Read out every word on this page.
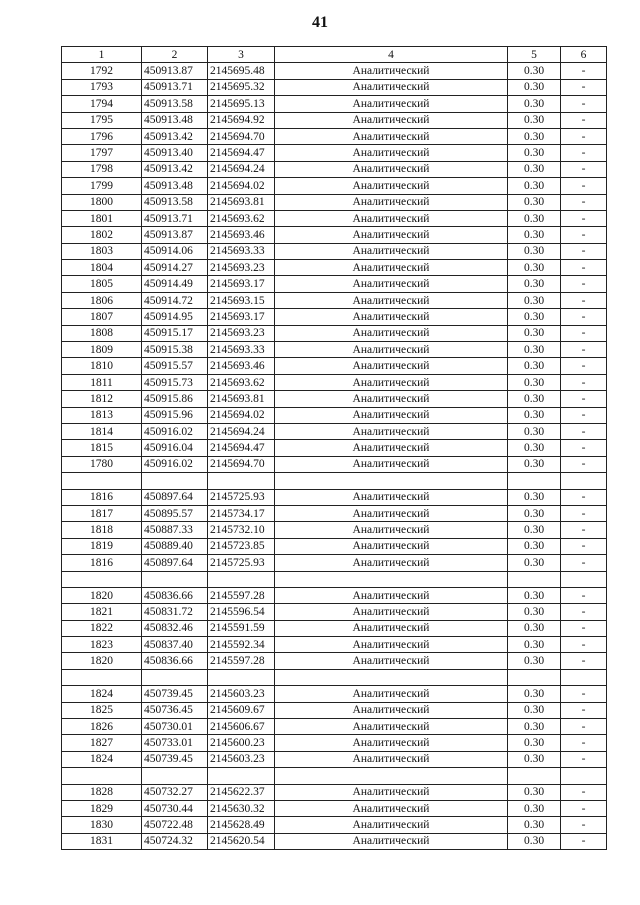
41
1	2	3	4	5	6
1792	450913.87	2145695.48	Аналитический	0.30	-
1793	450913.71	2145695.32	Аналитический	0.30	-
1794	450913.58	2145695.13	Аналитический	0.30	-
1795	450913.48	2145694.92	Аналитический	0.30	-
1796	450913.42	2145694.70	Аналитический	0.30	-
1797	450913.40	2145694.47	Аналитический	0.30	-
1798	450913.42	2145694.24	Аналитический	0.30	-
1799	450913.48	2145694.02	Аналитический	0.30	-
1800	450913.58	2145693.81	Аналитический	0.30	-
1801	450913.71	2145693.62	Аналитический	0.30	-
1802	450913.87	2145693.46	Аналитический	0.30	-
1803	450914.06	2145693.33	Аналитический	0.30	-
1804	450914.27	2145693.23	Аналитический	0.30	-
1805	450914.49	2145693.17	Аналитический	0.30	-
1806	450914.72	2145693.15	Аналитический	0.30	-
1807	450914.95	2145693.17	Аналитический	0.30	-
1808	450915.17	2145693.23	Аналитический	0.30	-
1809	450915.38	2145693.33	Аналитический	0.30	-
1810	450915.57	2145693.46	Аналитический	0.30	-
1811	450915.73	2145693.62	Аналитический	0.30	-
1812	450915.86	2145693.81	Аналитический	0.30	-
1813	450915.96	2145694.02	Аналитический	0.30	-
1814	450916.02	2145694.24	Аналитический	0.30	-
1815	450916.04	2145694.47	Аналитический	0.30	-
1780	450916.02	2145694.70	Аналитический	0.30	-

1816	450897.64	2145725.93	Аналитический	0.30	-
1817	450895.57	2145734.17	Аналитический	0.30	-
1818	450887.33	2145732.10	Аналитический	0.30	-
1819	450889.40	2145723.85	Аналитический	0.30	-
1816	450897.64	2145725.93	Аналитический	0.30	-

1820	450836.66	2145597.28	Аналитический	0.30	-
1821	450831.72	2145596.54	Аналитический	0.30	-
1822	450832.46	2145591.59	Аналитический	0.30	-
1823	450837.40	2145592.34	Аналитический	0.30	-
1820	450836.66	2145597.28	Аналитический	0.30	-

1824	450739.45	2145603.23	Аналитический	0.30	-
1825	450736.45	2145609.67	Аналитический	0.30	-
1826	450730.01	2145606.67	Аналитический	0.30	-
1827	450733.01	2145600.23	Аналитический	0.30	-
1824	450739.45	2145603.23	Аналитический	0.30	-

1828	450732.27	2145622.37	Аналитический	0.30	-
1829	450730.44	2145630.32	Аналитический	0.30	-
1830	450722.48	2145628.49	Аналитический	0.30	-
1831	450724.32	2145620.54	Аналитический	0.30	-
